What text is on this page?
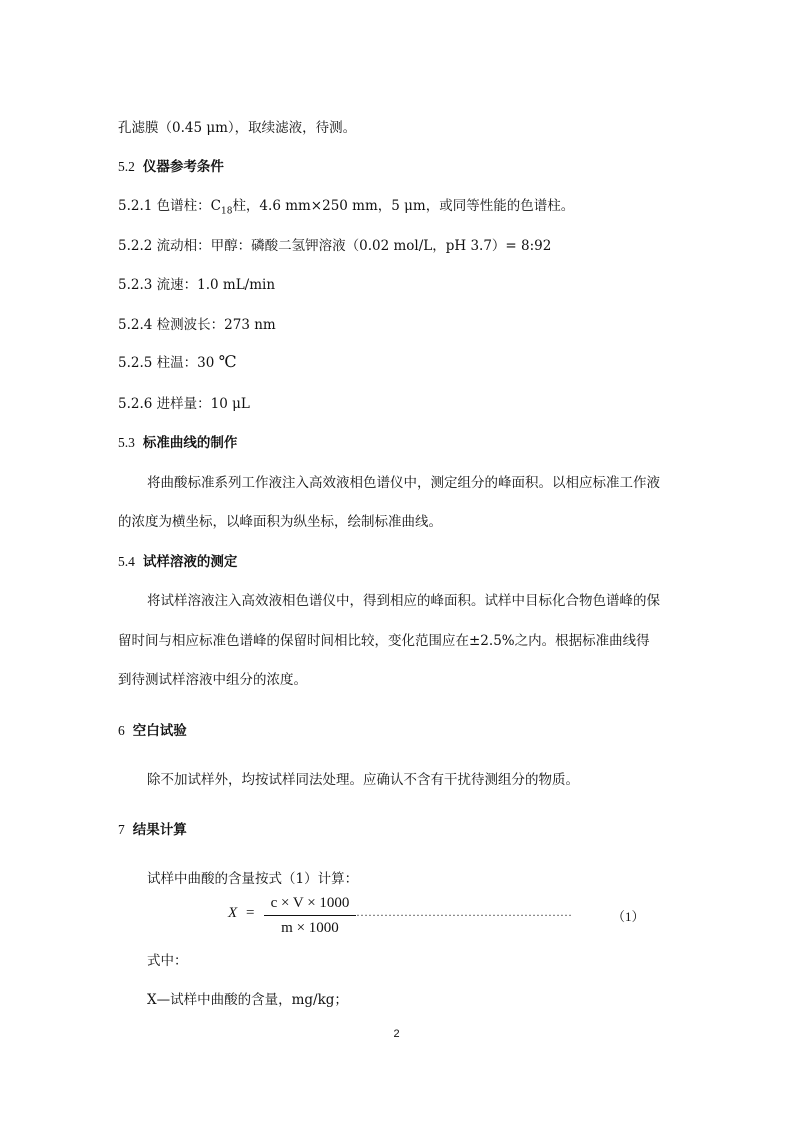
孔滤膜（0.45 μm），取续滤液，待测。
5.2 仪器参考条件
5.2.1 色谱柱：$C_{18}$柱，4.6 mm×250 mm，5 μm，或同等性能的色谱柱。
5.2.2 流动相：甲醇：磷酸二氢钾溶液（0.02 mol/L，pH 3.7）= 8:92
5.2.3 流速：1.0 mL/min
5.2.4 检测波长：273 nm
5.2.5 柱温：30 ℃
5.2.6 进样量：10 μL
5.3 标准曲线的制作
将曲酸标准系列工作液注入高效液相色谱仪中，测定组分的峰面积。以相应标准工作液
的浓度为横坐标，以峰面积为纵坐标，绘制标准曲线。
5.4 试样溶液的测定
将试样溶液注入高效液相色谱仪中，得到相应的峰面积。试样中目标化合物色谱峰的保
留时间与相应标准色谱峰的保留时间相比较，变化范围应在±2.5%之内。根据标准曲线得
到待测试样溶液中组分的浓度。
6 空白试验
除不加试样外，均按试样同法处理。应确认不含有干扰待测组分的物质。
7 结果计算
试样中曲酸的含量按式（1）计算：
X =
c × V × 1000
m × 1000
………………………………………………	（1）
式中：
X—试样中曲酸的含量，mg/kg；
2
